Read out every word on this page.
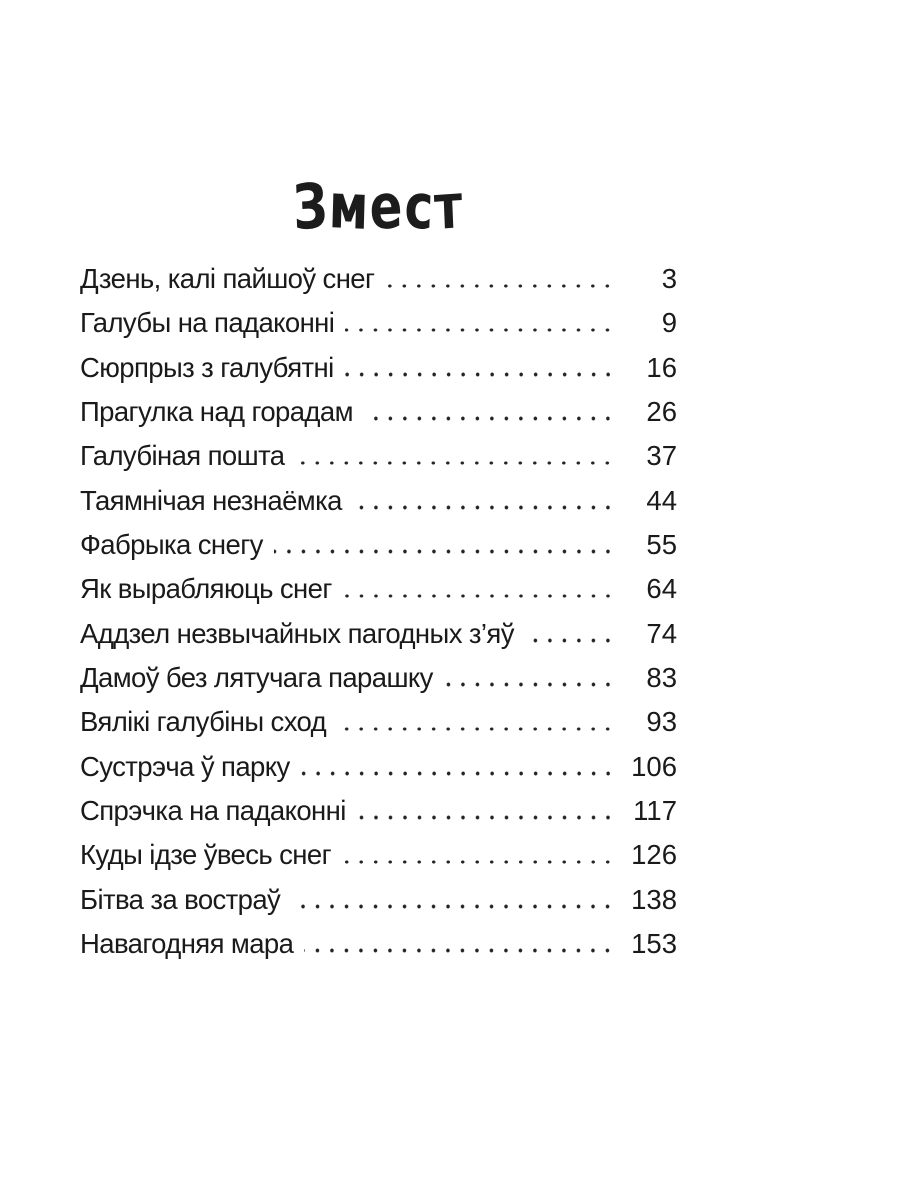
Змест
Дзень, калі пайшоў снег	3
Галубы на падаконні	9
Сюрпрыз з галубятні	16
Прагулка над горадам	26
Галубіная пошта	37
Таямнічая незнаёмка	44
Фабрыка снегу	55
Як вырабляюць снег	64
Аддзел незвычайных пагодных з’яў	74
Дамоў без лятучага парашку	83
Вялікі галубіны сход	93
Сустрэча ў парку	106
Спрэчка на падаконні	117
Куды ідзе ўвесь снег	126
Бітва за востраў	138
Навагодняя мара	153
